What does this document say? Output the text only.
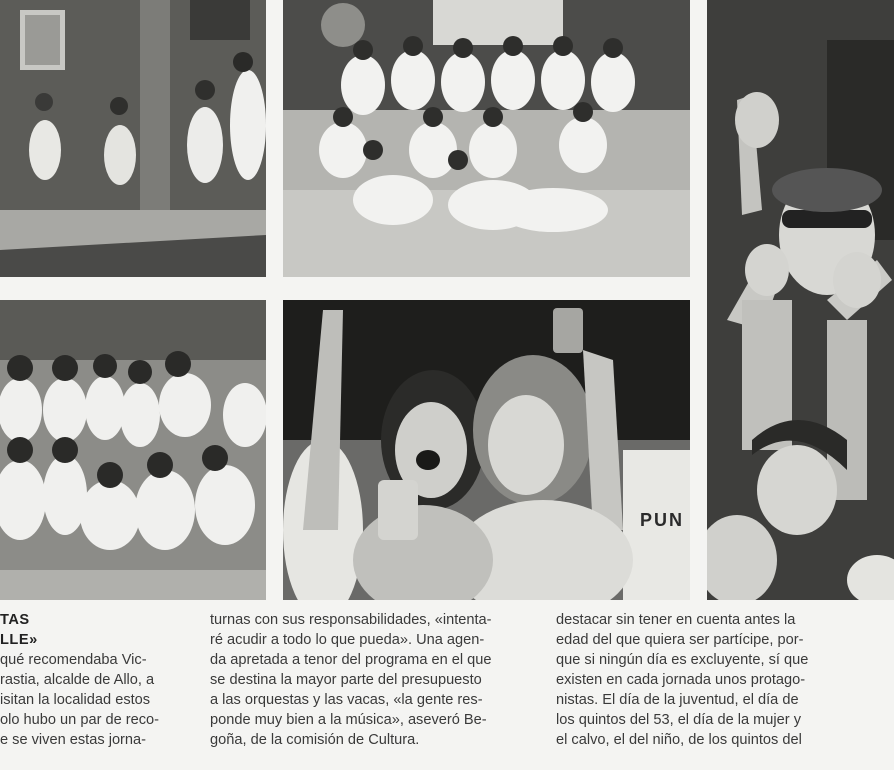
PUN
TAS
LLE»
qué recomendaba Vic-
rastia, alcalde de Allo, a
isitan la localidad estos
olo hubo un par de reco-
e se viven estas jorna-
turnas con sus responsabilidades, «intenta-
ré acudir a todo lo que pueda». Una agen-
da apretada a tenor del programa en el que
se destina la mayor parte del presupuesto
a las orquestas y las vacas, «la gente res-
ponde muy bien a la música», aseveró Be-
goña, de la comisión de Cultura.
destacar sin tener en cuenta antes la
edad del que quiera ser partícipe, por-
que si ningún día es excluyente, sí que
existen en cada jornada unos protago-
nistas. El día de la juventud, el día de
los quintos del 53, el día de la mujer y
el calvo, el del niño, de los quintos del
